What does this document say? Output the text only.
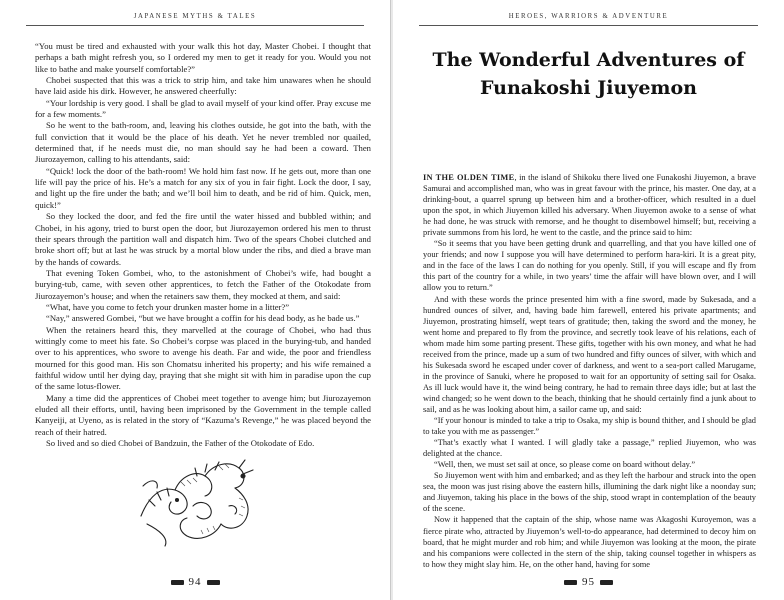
JAPANESE MYTHS & TALES

“You must be tired and exhausted with your walk this hot day, Master Chobei. I thought that perhaps a bath might refresh you, so I ordered my men to get it ready for you. Would you not like to bathe and make yourself comfortable?”

Chobei suspected that this was a trick to strip him, and take him unawares when he should have laid aside his dirk. However, he answered cheerfully:

“Your lordship is very good. I shall be glad to avail myself of your kind offer. Pray excuse me for a few moments.”

So he went to the bath-room, and, leaving his clothes outside, he got into the bath, with the full conviction that it would be the place of his death. Yet he never trembled nor quailed, determined that, if he needs must die, no man should say he had been a coward. Then Jiurozayemon, calling to his attendants, said:

“Quick! lock the door of the bath-room! We hold him fast now. If he gets out, more than one life will pay the price of his. He’s a match for any six of you in fair fight. Lock the door, I say, and light up the fire under the bath; and we’ll boil him to death, and be rid of him. Quick, men, quick!”

So they locked the door, and fed the fire until the water hissed and bubbled within; and Chobei, in his agony, tried to burst open the door, but Jiurozayemon ordered his men to thrust their spears through the partition wall and dispatch him. Two of the spears Chobei clutched and broke short off; but at last he was struck by a mortal blow under the ribs, and died a brave man by the hands of cowards.

That evening Token Gombei, who, to the astonishment of Chobei’s wife, had bought a burying-tub, came, with seven other apprentices, to fetch the Father of the Otokodate from Jiurozayemon’s house; and when the retainers saw them, they mocked at them, and said:

“What, have you come to fetch your drunken master home in a litter?”

“Nay,” answered Gombei, “but we have brought a coffin for his dead body, as he bade us.”

When the retainers heard this, they marvelled at the courage of Chobei, who had thus wittingly come to meet his fate. So Chobei’s corpse was placed in the burying-tub, and handed over to his apprentices, who swore to avenge his death. Far and wide, the poor and friendless mourned for this good man. His son Chomatsu inherited his property; and his wife remained a faithful widow until her dying day, praying that she might sit with him in paradise upon the cup of the same lotus-flower.

Many a time did the apprentices of Chobei meet together to avenge him; but Jiurozayemon eluded all their efforts, until, having been imprisoned by the Government in the temple called Kanyeiji, at Uyeno, as is related in the story of “Kazuma’s Revenge,” he was placed beyond the reach of their hatred.

So lived and so died Chobei of Bandzuin, the Father of the Otokodate of Edo.

94
HEROES, WARRIORS & ADVENTURE
The Wonderful Adventures of
Funakoshi Jiuyemon

IN THE OLDEN TIME, in the island of Shikoku there lived one Funakoshi Jiuyemon, a brave Samurai and accomplished man, who was in great favour with the prince, his master. One day, at a drinking-bout, a quarrel sprung up between him and a brother-officer, which resulted in a duel upon the spot, in which Jiuyemon killed his adversary. When Jiuyemon awoke to a sense of what he had done, he was struck with remorse, and he thought to disembowel himself; but, receiving a private summons from his lord, he went to the castle, and the prince said to him:

“So it seems that you have been getting drunk and quarrelling, and that you have killed one of your friends; and now I suppose you will have determined to perform hara-kiri. It is a great pity, and in the face of the laws I can do nothing for you openly. Still, if you will escape and fly from this part of the country for a while, in two years’ time the affair will have blown over, and I will allow you to return.”

And with these words the prince presented him with a fine sword, made by Sukesada, and a hundred ounces of silver, and, having bade him farewell, entered his private apartments; and Jiuyemon, prostrating himself, wept tears of gratitude; then, taking the sword and the money, he went home and prepared to fly from the province, and secretly took leave of his relations, each of whom made him some parting present. These gifts, together with his own money, and what he had received from the prince, made up a sum of two hundred and fifty ounces of silver, with which and his Sukesada sword he escaped under cover of darkness, and went to a sea-port called Marugame, in the province of Sanuki, where he proposed to wait for an opportunity of setting sail for Osaka. As ill luck would have it, the wind being contrary, he had to remain three days idle; but at last the wind changed; so he went down to the beach, thinking that he should certainly find a junk about to sail, and as he was looking about him, a sailor came up, and said:

“If your honour is minded to take a trip to Osaka, my ship is bound thither, and I should be glad to take you with me as passenger.”

“That’s exactly what I wanted. I will gladly take a passage,” replied Jiuyemon, who was delighted at the chance.

“Well, then, we must set sail at once, so please come on board without delay.”

So Jiuyemon went with him and embarked; and as they left the harbour and struck into the open sea, the moon was just rising above the eastern hills, illumining the dark night like a noonday sun; and Jiuyemon, taking his place in the bows of the ship, stood wrapt in contemplation of the beauty of the scene.

Now it happened that the captain of the ship, whose name was Akagoshi Kuroyemon, was a fierce pirate who, attracted by Jiuyemon’s well-to-do appearance, had determined to decoy him on board, that he might murder and rob him; and while Jiuyemon was looking at the moon, the pirate and his companions were collected in the stern of the ship, taking counsel together in whispers as to how they might slay him. He, on the other hand, having for some

95
